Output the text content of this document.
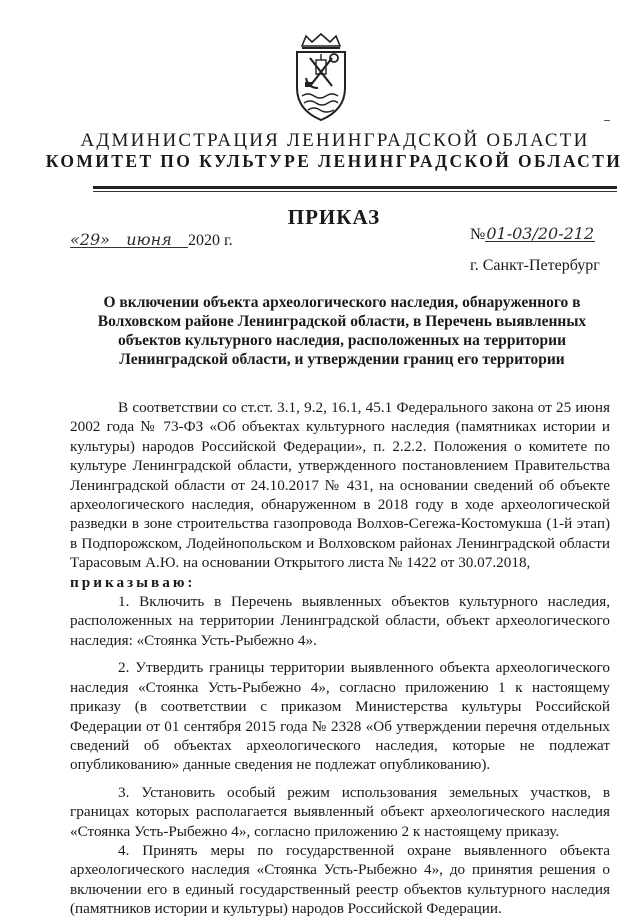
АДМИНИСТРАЦИЯ ЛЕНИНГРАДСКОЙ ОБЛАСТИ
КОМИТЕТ ПО КУЛЬТУРЕ ЛЕНИНГРАДСКОЙ ОБЛАСТИ
ПРИКАЗ
«29» июня 2020 г.	№01-03/20-212
г. Санкт-Петербург
О включении объекта археологического наследия, обнаруженного в Волховском районе Ленинградской области, в Перечень выявленных объектов культурного наследия, расположенных на территории Ленинградской области, и утверждении границ его территории

В соответствии со ст.ст. 3.1, 9.2, 16.1, 45.1 Федерального закона от 25 июня 2002 года № 73-ФЗ «Об объектах культурного наследия (памятниках истории и культуры) народов Российской Федерации», п. 2.2.2. Положения о комитете по культуре Ленинградской области, утвержденного постановлением Правительства Ленинградской области от 24.10.2017 № 431, на основании сведений об объекте археологического наследия, обнаруженном в 2018 году в ходе археологической разведки в зоне строительства газопровода Волхов-Сегежа-Костомукша (1-й этап) в Подпорожском, Лодейнопольском и Волховском районах Ленинградской области Тарасовым А.Ю. на основании Открытого листа № 1422 от 30.07.2018,

приказываю:

1. Включить в Перечень выявленных объектов культурного наследия, расположенных на территории Ленинградской области, объект археологического наследия: «Стоянка Усть-Рыбежно 4».

2. Утвердить границы территории выявленного объекта археологического наследия «Стоянка Усть-Рыбежно 4», согласно приложению 1 к настоящему приказу (в соответствии с приказом Министерства культуры Российской Федерации от 01 сентября 2015 года № 2328 «Об утверждении перечня отдельных сведений об объектах археологического наследия, которые не подлежат опубликованию» данные сведения не подлежат опубликованию).

3. Установить особый режим использования земельных участков, в границах которых располагается выявленный объект археологического наследия «Стоянка Усть-Рыбежно 4», согласно приложению 2 к настоящему приказу.

4. Принять меры по государственной охране выявленного объекта археологического наследия «Стоянка Усть-Рыбежно 4», до принятия решения о включении его в единый государственный реестр объектов культурного наследия (памятников истории и культуры) народов Российской Федерации.
